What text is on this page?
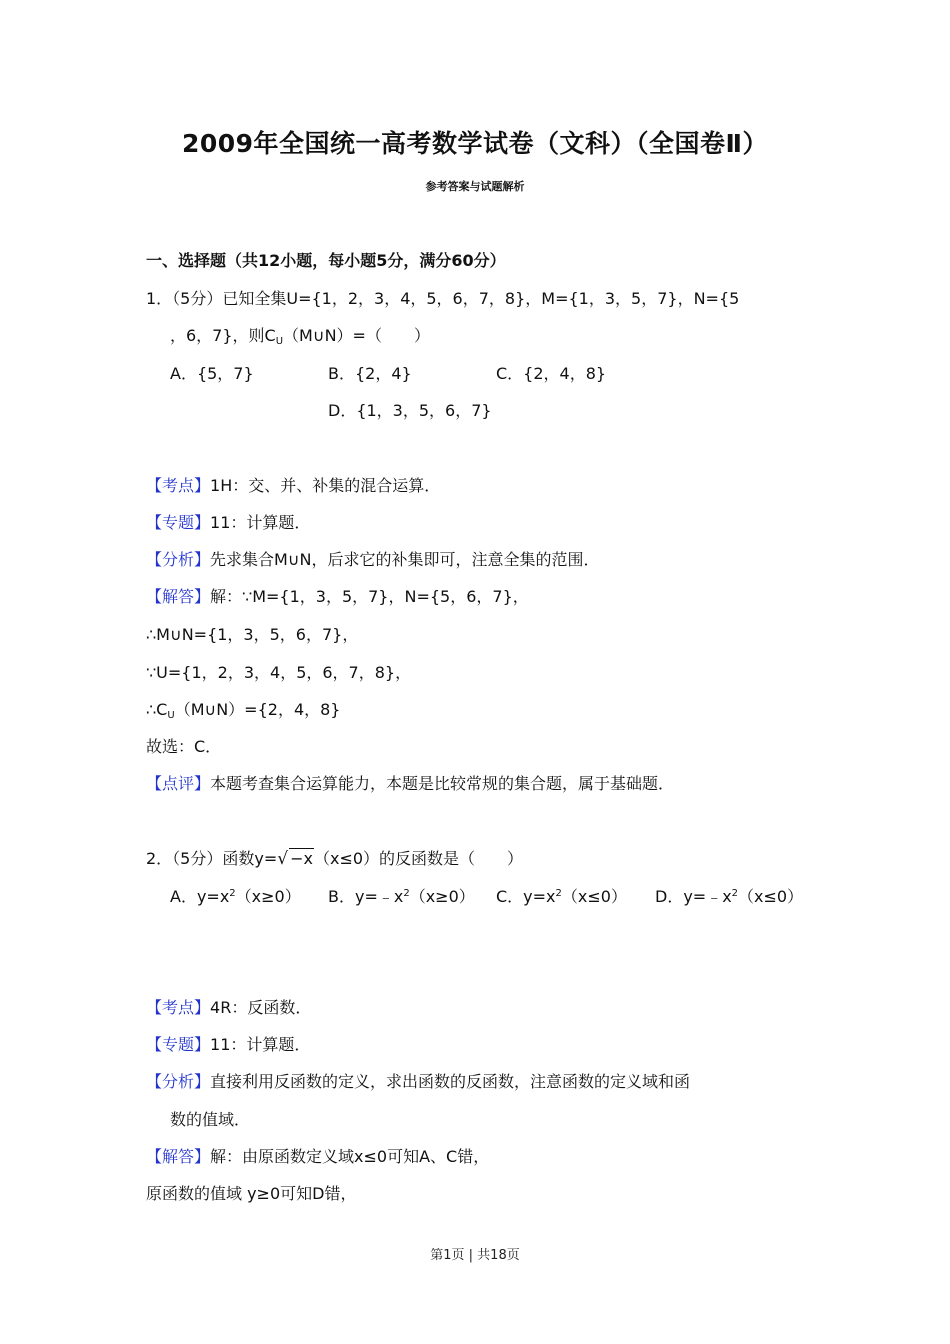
2009年全国统一高考数学试卷（文科）（全国卷Ⅱ）
参考答案与试题解析
一、选择题（共12小题，每小题5分，满分60分）
1．（5分）已知全集U={1，2，3，4，5，6，7，8}，M={1，3，5，7}，N={5
，6，7}，则$C_U(M\cup N)=$（　　）
A．{5，7}	B．{2，4}	C．{2，4，8}
D．{1，3，5，6，7}
【考点】1H：交、并、补集的混合运算．
【专题】11：计算题．
【分析】先求集合M∪N，后求它的补集即可，注意全集的范围．
【解答】解：∵M={1，3，5，7}，N={5，6，7}，
∴M∪N={1，3，5，6，7}，
∵U={1，2，3，4，5，6，7，8}，
$\therefore C_U(M\cup N)=\{2$，4，8}
故选：C．
【点评】本题考查集合运算能力，本题是比较常规的集合题，属于基础题．
2．（5分）函数y=√ −x（x≤0）的反函数是（　　）
A．$y=x^2(x\ge 0)$ B．$y=﹣x^2(x\ge 0)$ C．$y=x^2(x\le 0)$ D．$y=﹣x^2(x\le 0)$
【考点】4R：反函数．
【专题】11：计算题．
【分析】直接利用反函数的定义，求出函数的反函数，注意函数的定义域和函
数的值域．
【解答】解：由原函数定义域x≤0可知A、C错，
原函数的值域 y≥0可知D错，
第1页 | 共18页
